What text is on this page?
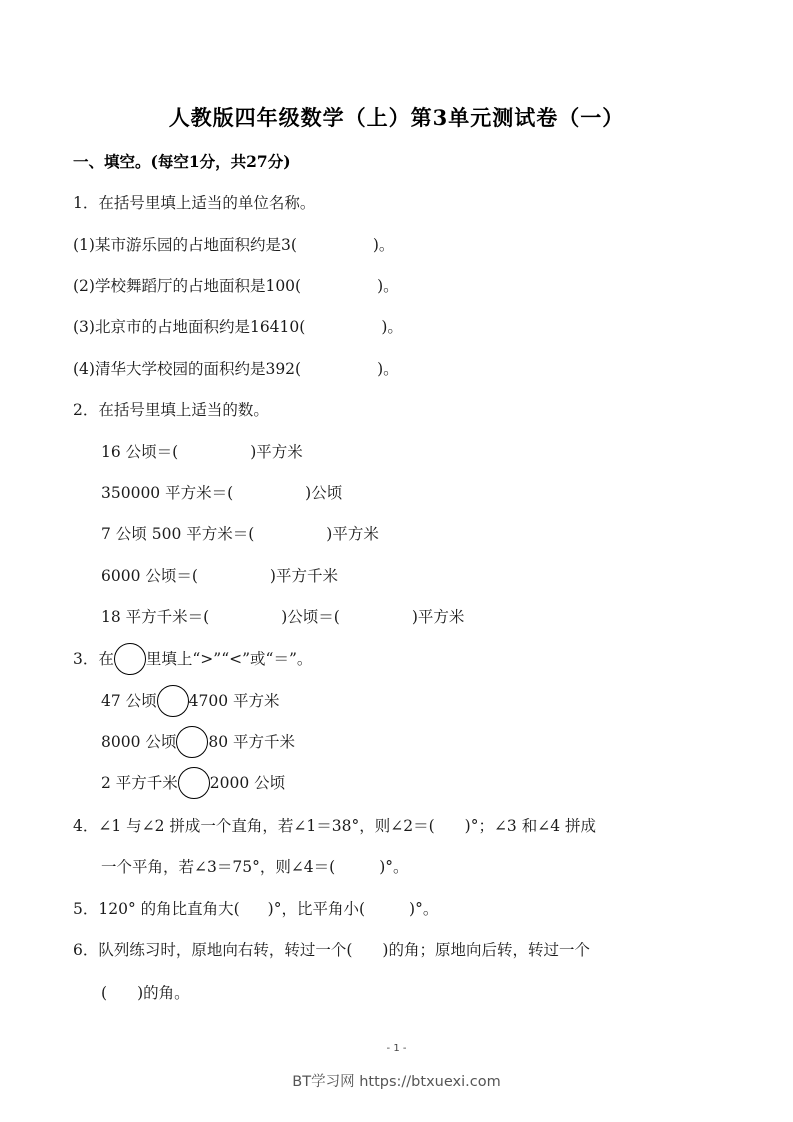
人教版四年级数学（上）第3单元测试卷（一）
一、填空。(每空1分，共27分)
1．在括号里填上适当的单位名称。
(1)某市游乐园的占地面积约是3(	)。
(2)学校舞蹈厅的占地面积是100(	)。
(3)北京市的占地面积约是16410(	)。
(4)清华大学校园的面积约是392(	)。
2．在括号里填上适当的数。
16 公顷＝(	)平方米
350000 平方米＝(	)公顷
7 公顷 500 平方米＝(	)平方米
6000 公顷＝(	)平方千米
18 平方千米＝(	)公顷＝(	)平方米
3．在 里填上“>”“<”或“＝”。
47 公顷 4700 平方米
8000 公顷 80 平方千米
2 平方千米 2000 公顷
4．∠1 与∠2 拼成一个直角，若∠1＝38°，则∠2＝( )°；∠3 和∠4 拼成
一个平角，若∠3＝75°，则∠4＝(	)°。
5．120° 的角比直角大( )°，比平角小(	)°。
6．队列练习时，原地向右转，转过一个( )的角；原地向后转，转过一个
( )的角。
- 1 -
BT学习网 https://btxuexi.com
